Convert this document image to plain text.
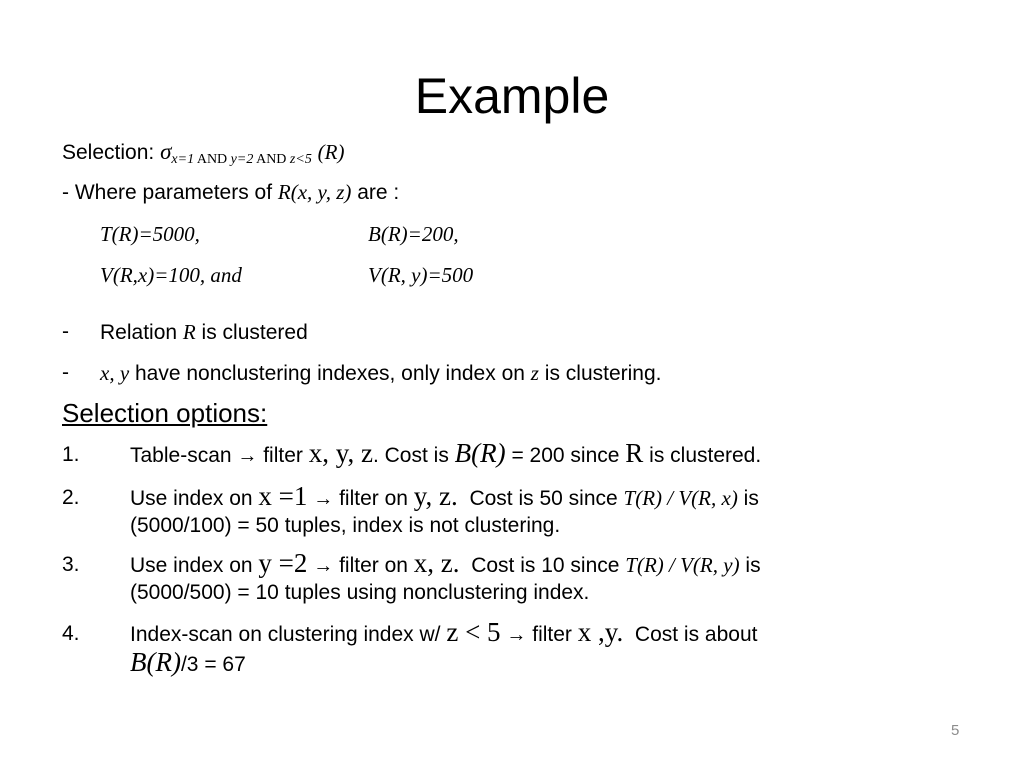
Example
Selection: $\sigma_{x=1 AND y=2 AND z<5}$ (R)
- Where parameters of R(x, y, z) are :
T(R)=5000,	B(R)=200,
V(R,x)=100, and	V(R, y)=500
- Relation R is clustered
- x, y have nonclustering indexes, only index on z is clustering.
Selection options:
1. Table-scan → filter x, y, z. Cost is B(R) = 200 since R is clustered.
2. Use index on x =1 → filter on y, z.  Cost is 50 since T(R) / V(R, x) is
(5000/100) = 50 tuples, index is not clustering.
3. Use index on y =2 → filter on x, z.  Cost is 10 since T(R) / V(R, y) is
(5000/500) = 10 tuples using nonclustering index.
4. Index-scan on clustering index w/ z < 5 → filter x ,y.  Cost is about
B(R)/3 = 67
5
